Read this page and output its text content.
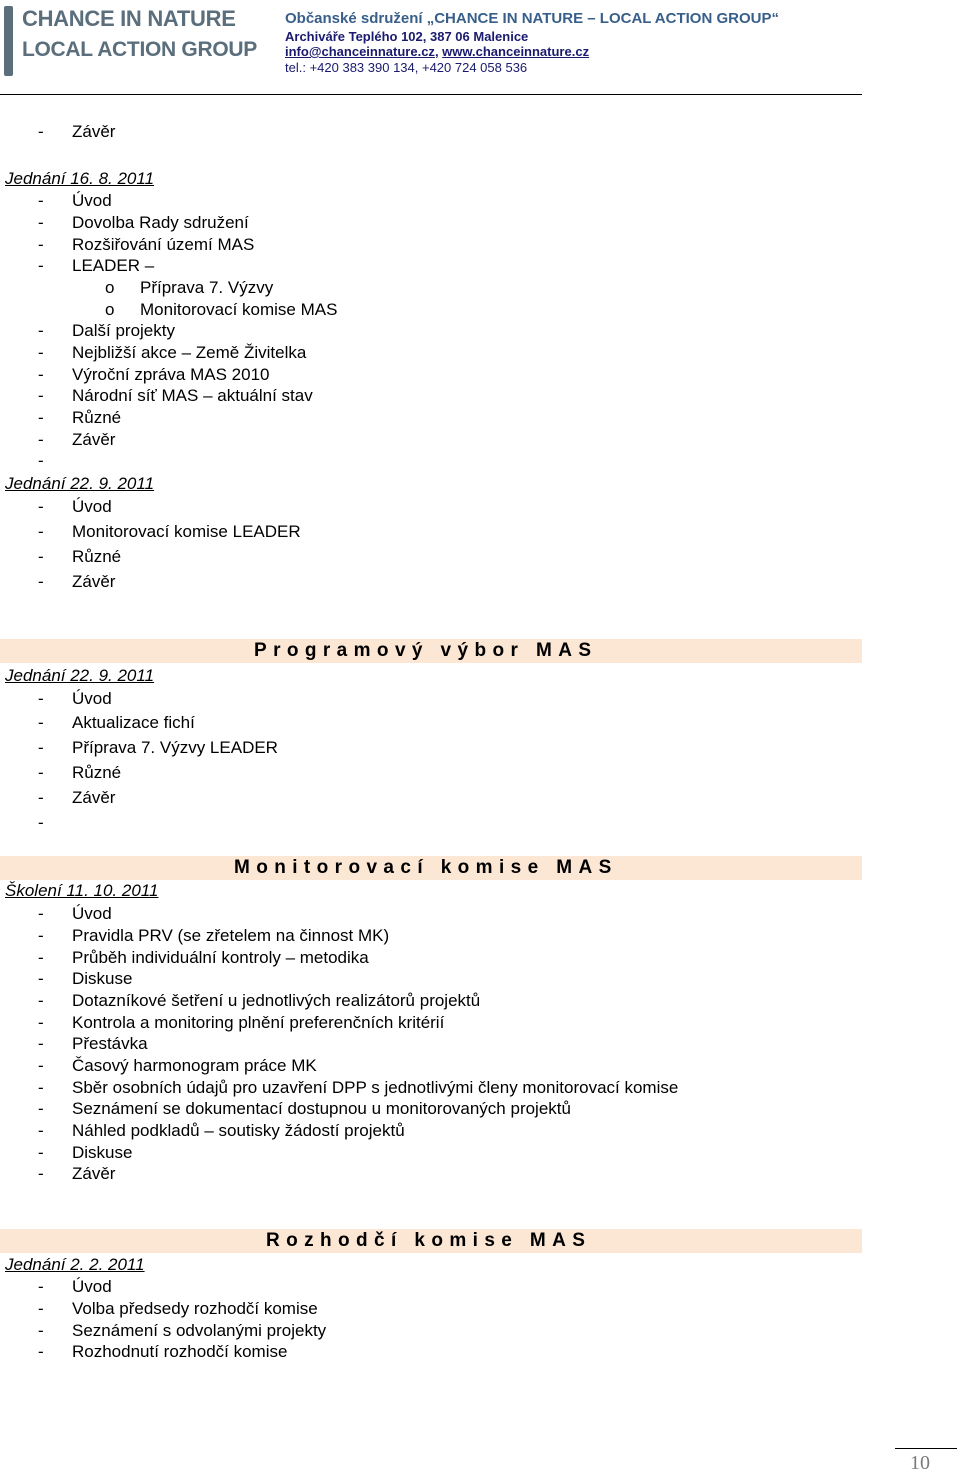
CHANCE IN NATURE
LOCAL ACTION GROUP
Občanské sdružení „CHANCE IN NATURE – LOCAL ACTION GROUP“
Archiváře Teplého 102, 387 06 Malenice
info@chanceinnature.cz, www.chanceinnature.cz
tel.: +420 383 390 134, +420 724 058 536
- Závěr
Jednání 16. 8. 2011
- Úvod
- Dovolba Rady sdružení
- Rozšiřování území MAS
- LEADER –
o Příprava 7. Výzvy
o Monitorovací komise MAS
- Další projekty
- Nejbližší akce – Země Živitelka
- Výroční zpráva MAS 2010
- Národní síť MAS – aktuální stav
- Různé
- Závěr
-
Jednání 22. 9. 2011
- Úvod
- Monitorovací komise LEADER
- Různé
- Závěr
Programový výbor MAS
Jednání 22. 9. 2011
- Úvod
- Aktualizace fichí
- Příprava 7. Výzvy LEADER
- Různé
- Závěr
-
Monitorovací komise MAS
Školení 11. 10. 2011
- Úvod
- Pravidla PRV (se zřetelem na činnost MK)
- Průběh individuální kontroly – metodika
- Diskuse
- Dotazníkové šetření u jednotlivých realizátorů projektů
- Kontrola a monitoring plnění preferenčních kritérií
- Přestávka
- Časový harmonogram práce MK
- Sběr osobních údajů pro uzavření DPP s jednotlivými členy monitorovací komise
- Seznámení se dokumentací dostupnou u monitorovaných projektů
- Náhled podkladů – soutisky žádostí projektů
- Diskuse
- Závěr
Rozhodčí komise MAS
Jednání 2. 2. 2011
- Úvod
- Volba předsedy rozhodčí komise
- Seznámení s odvolanými projekty
- Rozhodnutí rozhodčí komise
10
